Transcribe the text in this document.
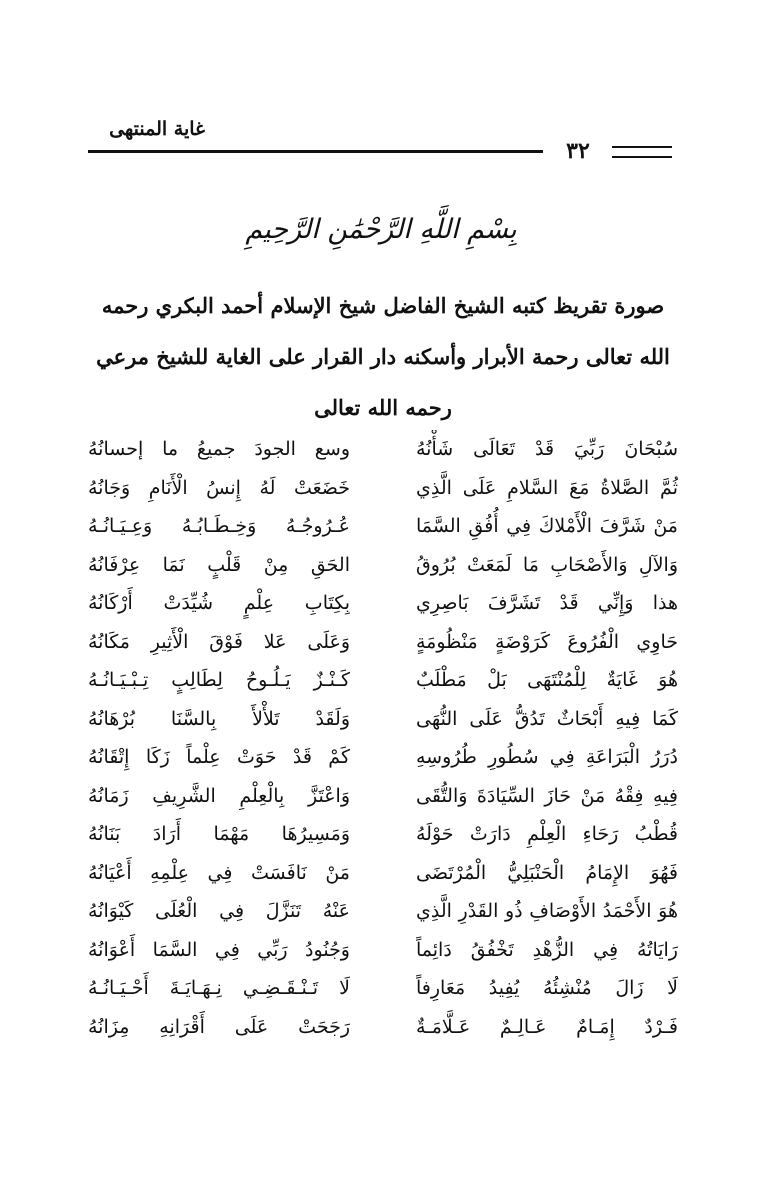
غاية المنتهى
٣٢
بِسْمِ اللَّهِ الرَّحْمَٰنِ الرَّحِيمِ
صورة تقريظ كتبه الشيخ الفاضل شيخ الإسلام أحمد البكري رحمه الله تعالى رحمة الأبرار وأسكنه دار القرار على الغاية للشيخ مرعي رحمه الله تعالى
سُبْحَانَ رَبِّيَ قَدْ تَعَالَى شَأْنُهُ
وسع الجودَ جميعُ ما إحسانُهُ
ثُمَّ الصَّلاةُ مَعَ السَّلامِ عَلَى الَّذِي
خَضَعَتْ لَهُ إِنسُ الْأَنَامِ وَجَانُهُ
مَنْ شَرَّفَ الْأَمْلاكَ فِي أُفُقِ السَّمَا
عُـرُوجُـهُ وَخِـطَـابُـهُ وَعِـيَـانُـهُ
وَالآلِ وَالأَصْحَابِ مَا لَمَعَتْ بُرُوقُ
الحَقِ مِنْ قَلْبٍ نَمَا عِرْفَانُهُ
هذا وَإِنِّي قَدْ تَشَرَّفَ بَاصِرِي
بِكِتَابِ عِلْمٍ شُيِّدَتْ أَرْكَانُهُ
حَاوِي الْفُرُوعَ كَرَوْضَةٍ مَنْظُومَةٍ
وَعَلَى عَلا فَوْقَ الْأَثِيرِ مَكَانُهُ
هُوَ غَايَةٌ لِلْمُنْتَهَى بَلْ مَطْلَبٌ
كَـنْـزٌ يَـلُـوحُ لِطَالِبٍ تِـبْـيَـانُـهُ
كَمَا فِيهِ أَبْحَاثٌ تَدُقُّ عَلَى النُّهَى
وَلَقَدْ تَلأْلأَ بِالسَّنَا بُرْهَانُهُ
دُرَرُ الْبَرَاعَةِ فِي سُطُورِ طُرُوسِهِ
كَمْ قَدْ حَوَتْ عِلْماً زَكَا إِتْقَانُهُ
فِيهِ فِقْهُ مَنْ حَازَ السِّيَادَةَ وَالتُّقَى
وَاعْتَزَّ بِالْعِلْمِ الشَّرِيفِ زَمَانُهُ
قُطْبُ رَحَاءِ الْعِلْمِ دَارَتْ حَوْلَهُ
وَمَسِيرُهَا مَهْمَا أَرَادَ بَنَانُهُ
فَهُوَ الإِمَامُ الْحَنْبَلِيُّ الْمُرْتَضَى
مَنْ نَافَسَتْ فِي عِلْمِهِ أَعْيَانُهُ
هُوَ الأَحْمَدُ الأَوْصَافِ ذُو القَدْرِ الَّذِي
عَنْهُ تَنَزَّلَ فِي الْعُلَى كَيْوَانُهُ
رَايَاتُهُ فِي الزُّهْدِ تَخْفُقُ دَائِماً
وَجُنُودُ رَبِّي فِي السَّمَا أَعْوَانُهُ
لَا زَالَ مُنْشِئُهُ يُفِيدُ مَعَارِفاً
لَا تَـنْـقَـضِـي نِـهَـايَـةَ أَحْـيَـانُـهُ
فَـرْدٌ إِمَـامٌ عَـالِـمٌ عَـلَّامَـةٌ
رَجَحَتْ عَلَى أَقْرَانِهِ مِزَانُهُ
